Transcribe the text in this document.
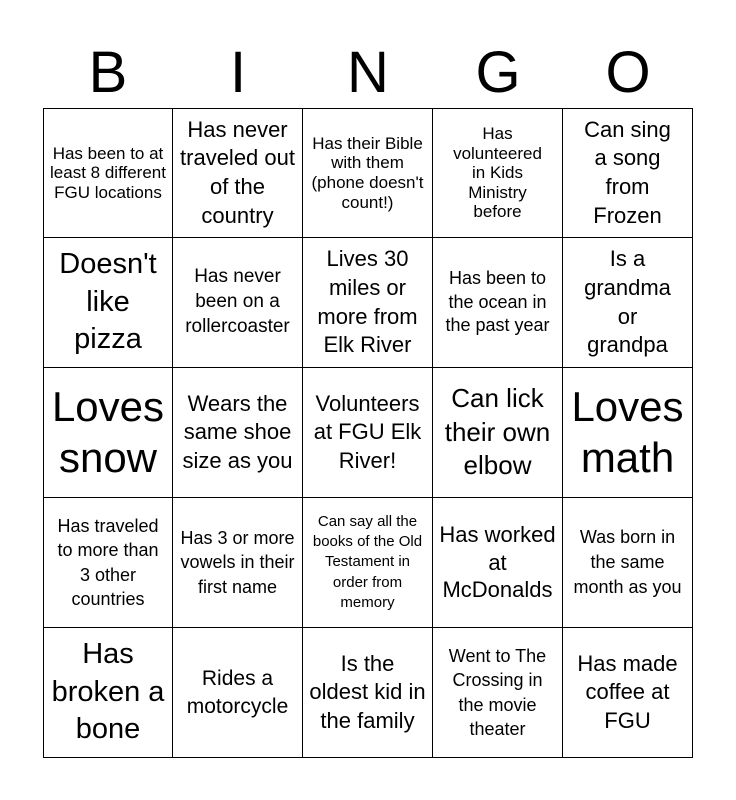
B	I	N	G	O
Has been to at least 8 different FGU locations
Has never traveled out of the country
Has their Bible with them (phone doesn't count!)
Has volunteered in Kids Ministry before
Can sing a song from Frozen
Doesn't like pizza
Has never been on a rollercoaster
Lives 30 miles or more from Elk River
Has been to the ocean in the past year
Is a grandma or grandpa
Loves snow
Wears the same shoe size as you
Volunteers at FGU Elk River!
Can lick their own elbow
Loves math
Has traveled to more than 3 other countries
Has 3 or more vowels in their first name
Can say all the books of the Old Testament in order from memory
Has worked at McDonalds
Was born in the same month as you
Has broken a bone
Rides a motorcycle
Is the oldest kid in the family
Went to The Crossing in the movie theater
Has made coffee at FGU
